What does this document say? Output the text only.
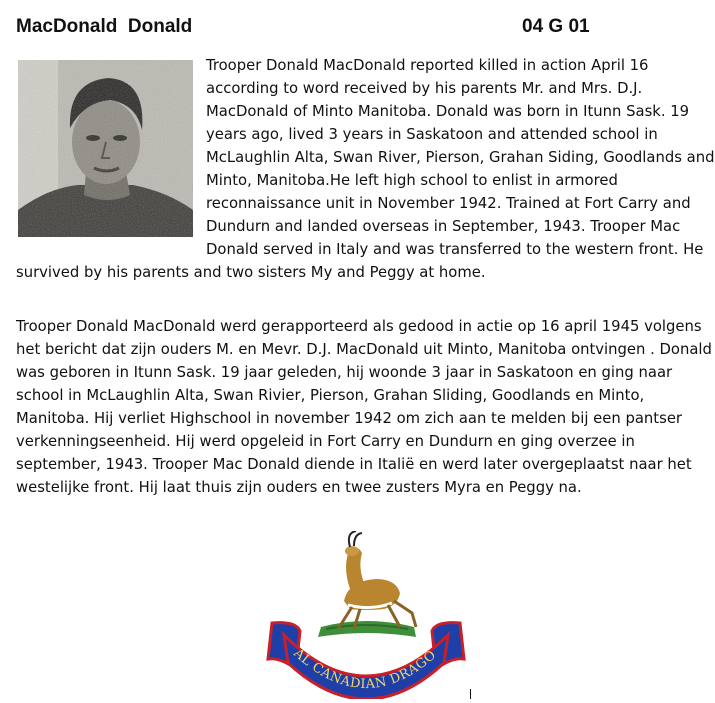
MacDonald  Donald	04 G 01

Trooper Donald MacDonald reported killed in action April 16 according to word received by his parents Mr. and Mrs. D.J. MacDonald of Minto Manitoba. Donald was born in Itunn Sask. 19 years ago, lived 3 years in Saskatoon and attended school in McLaughlin Alta, Swan River, Pierson, Grahan Siding, Goodlands and Minto, Manitoba.He left high school to enlist in armored reconnaissance unit in November 1942. Trained at Fort Carry and Dundurn and landed overseas in September, 1943. Trooper Mac Donald served in Italy and was transferred to the western front. He survived by his parents and two sisters My and Peggy at home.

Trooper Donald MacDonald werd gerapporteerd als gedood in actie op 16 april 1945 volgens het bericht dat zijn ouders M. en Mevr. D.J. MacDonald uit Minto, Manitoba ontvingen . Donald was geboren in Itunn Sask. 19 jaar geleden, hij woonde 3 jaar in Saskatoon en ging naar school in McLaughlin Alta, Swan Rivier, Pierson, Grahan Sliding, Goodlands en Minto, Manitoba. Hij verliet Highschool in november 1942 om zich aan te melden bij een pantser verkenningseenheid. Hij werd opgeleid in Fort Carry en Dundurn en ging overzee in september, 1943. Trooper Mac Donald diende in Italië en werd later overgeplaatst naar het westelijke front. Hij laat thuis zijn ouders en twee zusters Myra en Peggy na.

AL CANADIAN DRAGO
